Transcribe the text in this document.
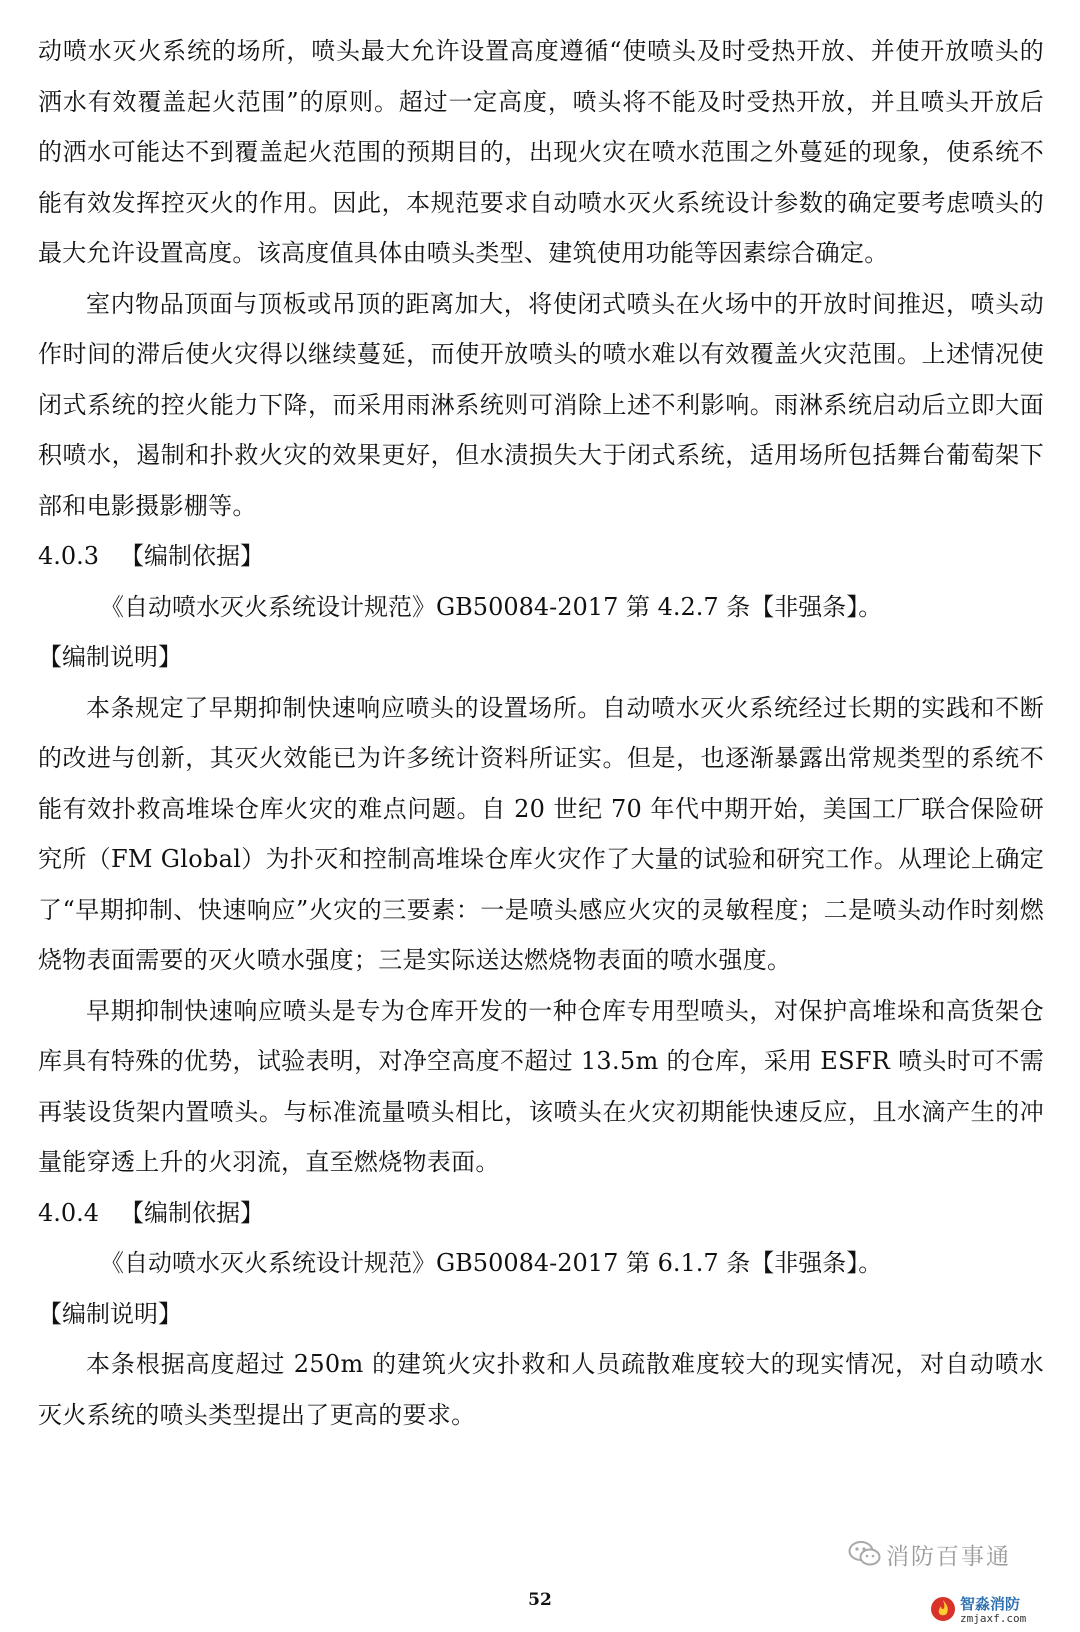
动喷水灭火系统的场所，喷头最大允许设置高度遵循“使喷头及时受热开放、并使开放喷头的洒水有效覆盖起火范围”的原则。超过一定高度，喷头将不能及时受热开放，并且喷头开放后的洒水可能达不到覆盖起火范围的预期目的，出现火灾在喷水范围之外蔓延的现象，使系统不能有效发挥控灭火的作用。因此，本规范要求自动喷水灭火系统设计参数的确定要考虑喷头的最大允许设置高度。该高度值具体由喷头类型、建筑使用功能等因素综合确定。

室内物品顶面与顶板或吊顶的距离加大，将使闭式喷头在火场中的开放时间推迟，喷头动作时间的滞后使火灾得以继续蔓延，而使开放喷头的喷水难以有效覆盖火灾范围。上述情况使闭式系统的控火能力下降，而采用雨淋系统则可消除上述不利影响。雨淋系统启动后立即大面积喷水，遏制和扑救火灾的效果更好，但水渍损失大于闭式系统，适用场所包括舞台葡萄架下部和电影摄影棚等。

4.0.3 【编制依据】

《自动喷水灭火系统设计规范》GB50084-2017 第 4.2.7 条【非强条】。

【编制说明】

本条规定了早期抑制快速响应喷头的设置场所。自动喷水灭火系统经过长期的实践和不断的改进与创新，其灭火效能已为许多统计资料所证实。但是，也逐渐暴露出常规类型的系统不能有效扑救高堆垛仓库火灾的难点问题。自 20 世纪 70 年代中期开始，美国工厂联合保险研究所（FM Global）为扑灭和控制高堆垛仓库火灾作了大量的试验和研究工作。从理论上确定了“早期抑制、快速响应”火灾的三要素：一是喷头感应火灾的灵敏程度；二是喷头动作时刻燃烧物表面需要的灭火喷水强度；三是实际送达燃烧物表面的喷水强度。

早期抑制快速响应喷头是专为仓库开发的一种仓库专用型喷头，对保护高堆垛和高货架仓库具有特殊的优势，试验表明，对净空高度不超过 13.5m 的仓库，采用 ESFR 喷头时可不需再装设货架内置喷头。与标准流量喷头相比，该喷头在火灾初期能快速反应，且水滴产生的冲量能穿透上升的火羽流，直至燃烧物表面。

4.0.4 【编制依据】

《自动喷水灭火系统设计规范》GB50084-2017 第 6.1.7 条【非强条】。

【编制说明】

本条根据高度超过 250m 的建筑火灾扑救和人员疏散难度较大的现实情况，对自动喷水灭火系统的喷头类型提出了更高的要求。

消防百事通
52	智淼消防
zmjaxf.com
